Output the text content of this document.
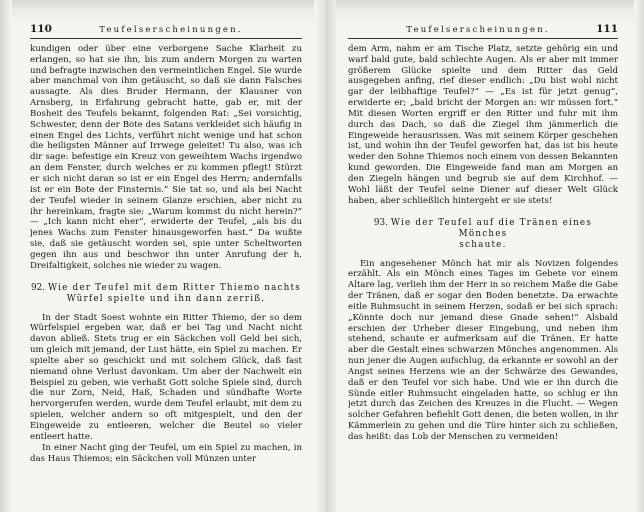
110	Teufelserscheinungen.

kundigen oder über eine verborgene Sache Klarheit zu erlangen, so hat sie ihn, bis zum andern Morgen zu warten und befragte inzwischen den vermeintlichen Engel. Sie wurde aber manchmal von ihm getäuscht, so daß sie dann Falsches aussagte. Als dies Bruder Hermann, der Klausner von Arnsberg, in Erfahrung gebracht hatte, gab er, mit der Bosheit des Teufels bekannt, folgenden Rat: „Sei vorsichtig, Schwester, denn der Bote des Satans verkleidet sich häufig in einen Engel des Lichts, verführt nicht wenige und hat schon die heiligsten Männer auf Irrwege geleitet! Tu also, was ich dir sage: befestige ein Kreuz von geweihtem Wachs irgendwo an dem Fenster, durch welches er zu kommen pflegt! Stürzt er sich nicht daran so ist er ein Engel des Herrn; andernfalls ist er ein Bote der Finsternis.“ Sie tat so, und als bei Nacht der Teufel wieder in seinem Glanze erschien, aber nicht zu ihr hereinkam, fragte sie: „Warum kommst du nicht herein?“ — „Ich kann nicht eher“, erwiderte der Teufel, „als bis du jenes Wachs zum Fenster hinausgeworfen hast.“ Da wußte sie, daß sie getäuscht worden sei, spie unter Scheltworten gegen ihn aus und beschwor ihn unter Anrufung der h. Dreifaltigkeit, solches nie wieder zu wagen.

92. Wie der Teufel mit dem Ritter Thiemo nachts
Würfel spielte und ihn dann zerriß.

In der Stadt Soest wohnte ein Ritter Thiemo, der so dem Würfelspiel ergeben war, daß er bei Tag und Nacht nicht davon abließ. Stets trug er ein Säckchen voll Geld bei sich, um gleich mit jemand, der Lust hätte, ein Spiel zu machen. Er spielte aber so geschickt und mit solchem Glück, daß fast niemand ohne Verlust davonkam. Um aber der Nachwelt ein Beispiel zu geben, wie verhaßt Gott solche Spiele sind, durch die nur Zorn, Neid, Haß, Schaden und sündhafte Worte hervorgerufen werden, wurde dem Teufel erlaubt, mit dem zu spielen, welcher andern so oft mitgespielt, und den der Eingeweide zu entleeren, welcher die Beutel so vieler entleert hatte.

In einer Nacht ging der Teufel, um ein Spiel zu machen, in das Haus Thiemos; ein Säckchen voll Münzen unter

Teufelserscheinungen.	111

dem Arm, nahm er am Tische Platz, setzte gehörig ein und warf bald gute, bald schlechte Augen. Als er aber mit immer größerem Glücke spielte und dem Ritter das Geld ausgegeben anfing, rief dieser endlich: „Du bist wohl nicht gar der leibhaftige Teufel?“ — „Es ist für jetzt genug“, erwiderte er; „bald bricht der Morgen an: wir müssen fort.“ Mit diesen Worten ergriff er den Ritter und fuhr mit ihm durch das Dach, so daß die Ziegel ihm jämmerlich die Eingeweide herausrissen. Was mit seinem Körper geschehen ist, und wohin ihn der Teufel geworfen hat, das ist bis heute weder den Sohne Thiemos noch einem von dessen Bekannten kund geworden. Die Eingeweide fand man am Morgen an den Ziegeln hängen und begrub sie auf dem Kirchhof. — Wohl läßt der Teufel seine Diener auf dieser Welt Glück haben, aber schließlich hintergeht er sie stets!

93. Wie der Teufel auf die Tränen eines Mönches
schaute.

Ein angesehener Mönch hat mir als Novizen folgendes erzählt. Als ein Mönch eines Tages im Gebete vor einem Altare lag, verlieh ihm der Herr in so reichem Maße die Gabe der Tränen, daß er sogar den Boden benetzte. Da erwachte eitle Ruhmsucht in seinem Herzen, sodaß er bei sich sprach: „Könnte doch nur jemand diese Gnade sehen!“ Alsbald erschien der Urheber dieser Eingebung, und neben ihm stehend, schaute er aufmerksam auf die Tränen. Er hatte aber die Gestalt eines schwarzen Mönches angenommen. Als nun jener die Augen aufschlug, da erkannte er sowohl an der Angst seines Herzens wie an der Schwärze des Gewandes, daß er den Teufel vor sich habe. Und wie er ihn durch die Sünde eitler Ruhmsucht eingeladen hatte, so schlug er ihn jetzt durch das Zeichen des Kreuzes in die Flucht. — Wegen solcher Gefahren befiehlt Gott denen, die beten wollen, in ihr Kämmerlein zu gehen und die Türe hinter sich zu schließen, das heißt: das Lob der Menschen zu vermeiden!
